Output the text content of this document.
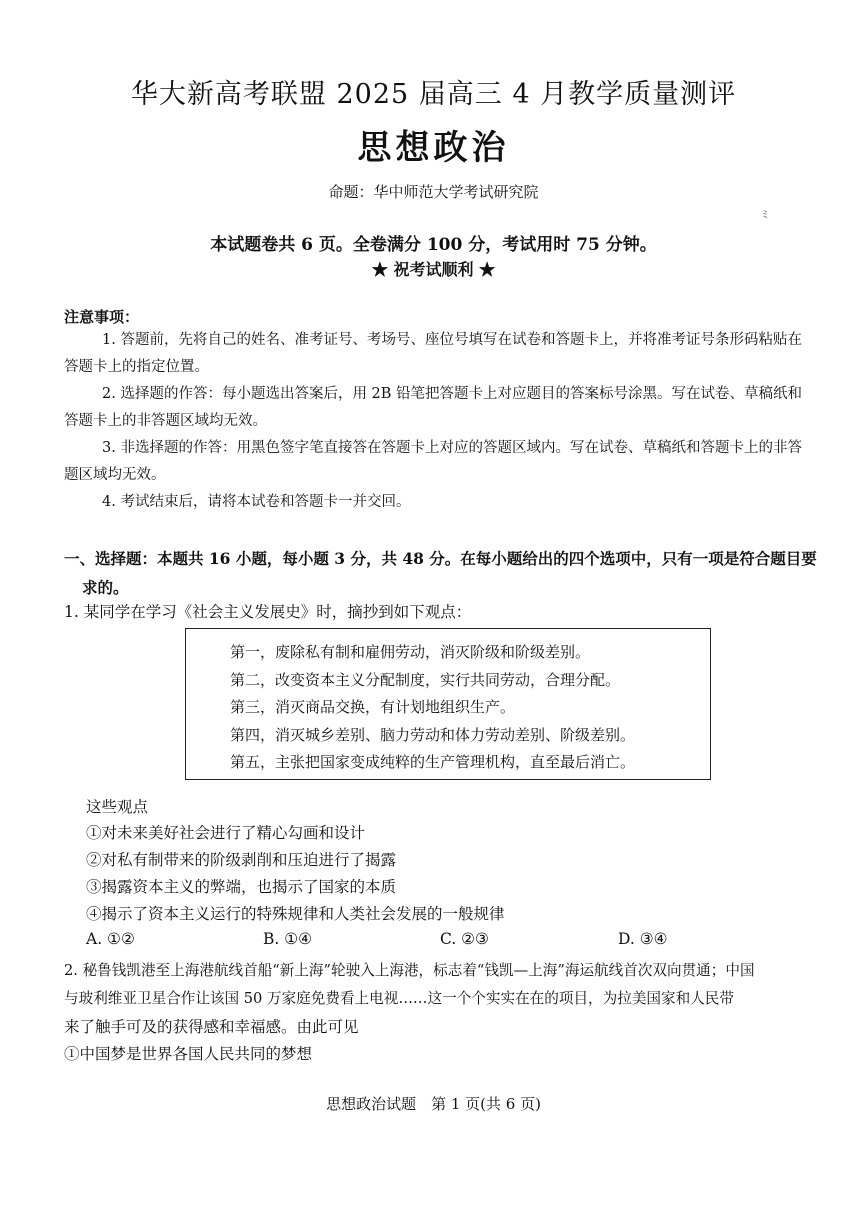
华大新高考联盟 2025 届高三 4 月教学质量测评
思想政治
命题：华中师范大学考试研究院
ミ
本试题卷共 6 页。全卷满分 100 分，考试用时 75 分钟。
★ 祝考试顺利 ★
注意事项：
1. 答题前，先将自己的姓名、准考证号、考场号、座位号填写在试卷和答题卡上，并将准考证号条形码粘贴在答题卡上的指定位置。
2. 选择题的作答：每小题选出答案后，用 2B 铅笔把答题卡上对应题目的答案标号涂黑。写在试卷、草稿纸和答题卡上的非答题区域均无效。
3. 非选择题的作答：用黑色签字笔直接答在答题卡上对应的答题区域内。写在试卷、草稿纸和答题卡上的非答题区域均无效。
4. 考试结束后，请将本试卷和答题卡一并交回。
一、选择题：本题共 16 小题，每小题 3 分，共 48 分。在每小题给出的四个选项中，只有一项是符合题目要求的。
1. 某同学在学习《社会主义发展史》时，摘抄到如下观点：

第一，废除私有制和雇佣劳动，消灭阶级和阶级差别。

第二，改变资本主义分配制度，实行共同劳动，合理分配。

第三，消灭商品交换，有计划地组织生产。

第四，消灭城乡差别、脑力劳动和体力劳动差别、阶级差别。

第五，主张把国家变成纯粹的生产管理机构，直至最后消亡。

这些观点
①对未来美好社会进行了精心勾画和设计
②对私有制带来的阶级剥削和压迫进行了揭露
③揭露资本主义的弊端，也揭示了国家的本质
④揭示了资本主义运行的特殊规律和人类社会发展的一般规律
A. ①②	B. ①④	C. ②③	D. ③④
2. 秘鲁钱凯港至上海港航线首船“新上海”轮驶入上海港，标志着“钱凯—上海”海运航线首次双向贯通；中国
与玻利维亚卫星合作让该国 50 万家庭免费看上电视……这一个个实实在在的项目，为拉美国家和人民带
来了触手可及的获得感和幸福感。由此可见
①中国梦是世界各国人民共同的梦想
思想政治试题　第 1 页(共 6 页)
